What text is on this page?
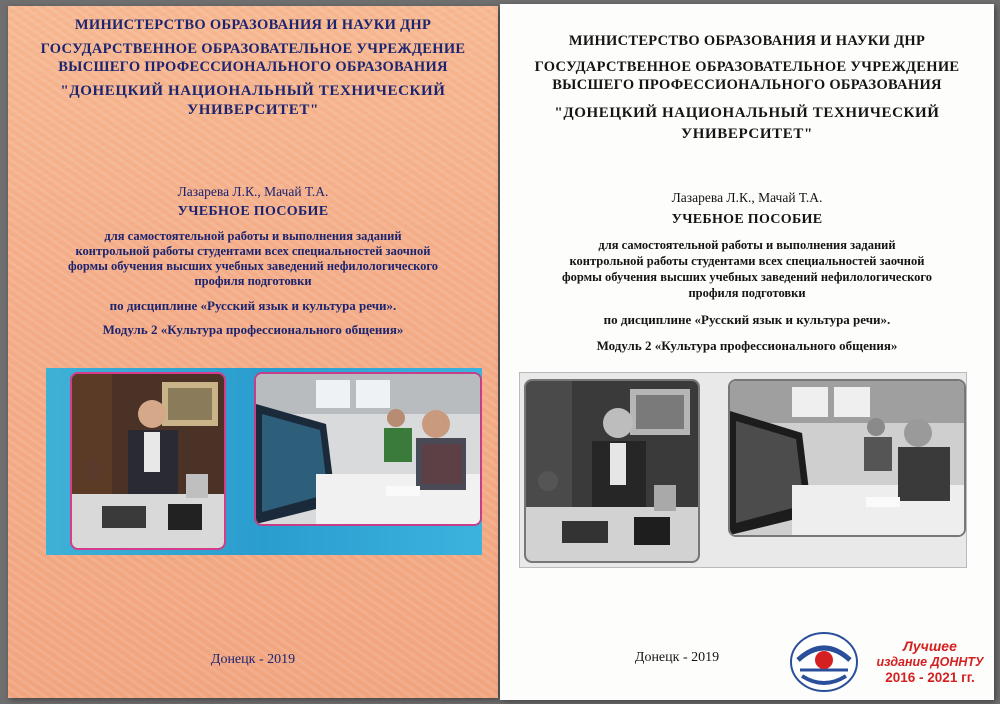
МИНИСТЕРСТВО ОБРАЗОВАНИЯ И НАУКИ ДНР
ГОСУДАРСТВЕННОЕ ОБРАЗОВАТЕЛЬНОЕ УЧРЕЖДЕНИЕ
ВЫСШЕГО ПРОФЕССИОНАЛЬНОГО ОБРАЗОВАНИЯ
"ДОНЕЦКИЙ НАЦИОНАЛЬНЫЙ ТЕХНИЧЕСКИЙ
УНИВЕРСИТЕТ"
Лазарева Л.К., Мачай Т.А.
УЧЕБНОЕ ПОСОБИЕ
для самостоятельной работы и выполнения заданий
контрольной работы студентами всех специальностей заочной
формы обучения высших учебных заведений нефилологического
профиля подготовки
по дисциплине «Русский язык и культура речи».
Модуль 2 «Культура профессионального общения»
Донецк - 2019
МИНИСТЕРСТВО ОБРАЗОВАНИЯ И НАУКИ ДНР
ГОСУДАРСТВЕННОЕ ОБРАЗОВАТЕЛЬНОЕ УЧРЕЖДЕНИЕ
ВЫСШЕГО ПРОФЕССИОНАЛЬНОГО ОБРАЗОВАНИЯ
"ДОНЕЦКИЙ НАЦИОНАЛЬНЫЙ ТЕХНИЧЕСКИЙ
УНИВЕРСИТЕТ"
Лазарева Л.К., Мачай Т.А.
УЧЕБНОЕ ПОСОБИЕ
для самостоятельной работы и выполнения заданий
контрольной работы студентами всех специальностей заочной
формы обучения высших учебных заведений нефилологического
профиля подготовки
по дисциплине «Русский язык и культура речи».
Модуль 2 «Культура профессионального общения»
Донецк - 2019
Лучшее
издание ДОННТУ
2016 - 2021 гг.
